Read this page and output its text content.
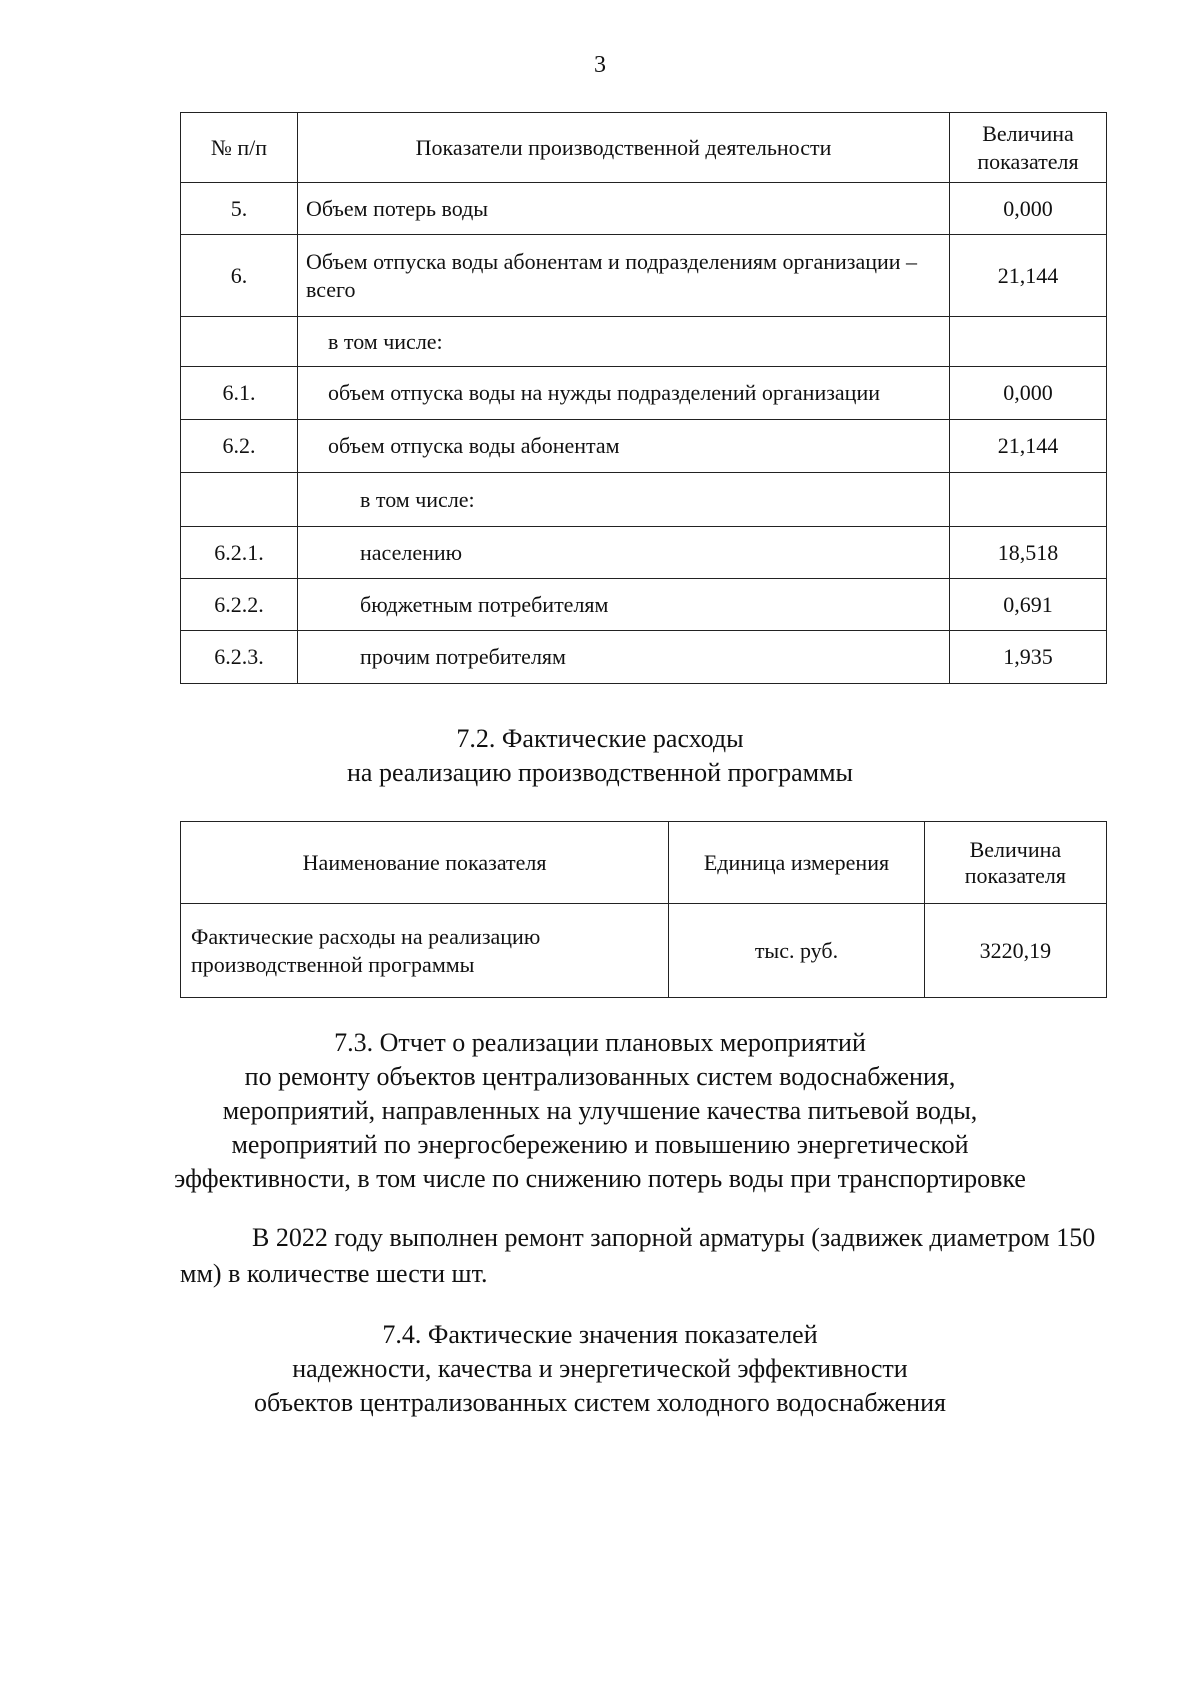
3
№ п/п	Показатели производственной деятельности	Величина показателя
5.	Объем потерь воды	0,000
6.	Объем отпуска воды абонентам и подразделениям организации – всего	21,144
	в том числе:	
6.1.	объем отпуска воды на нужды подразделений организации	0,000
6.2.	объем отпуска воды абонентам	21,144
	в том числе:	
6.2.1.	населению	18,518
6.2.2.	бюджетным потребителям	0,691
6.2.3.	прочим потребителям	1,935
7.2. Фактические расходы
на реализацию производственной программы
Наименование показателя	Единица измерения	Величина показателя
Фактические расходы на реализацию производственной программы	тыс. руб.	3220,19
7.3. Отчет о реализации плановых мероприятий
по ремонту объектов централизованных систем водоснабжения,
мероприятий, направленных на улучшение качества питьевой воды,
мероприятий по энергосбережению и повышению энергетической
эффективности, в том числе по снижению потерь воды при транспортировке
В 2022 году выполнен ремонт запорной арматуры (задвижек диаметром 150 мм) в количестве шести шт.
7.4. Фактические значения показателей
надежности, качества и энергетической эффективности
объектов централизованных систем холодного водоснабжения
